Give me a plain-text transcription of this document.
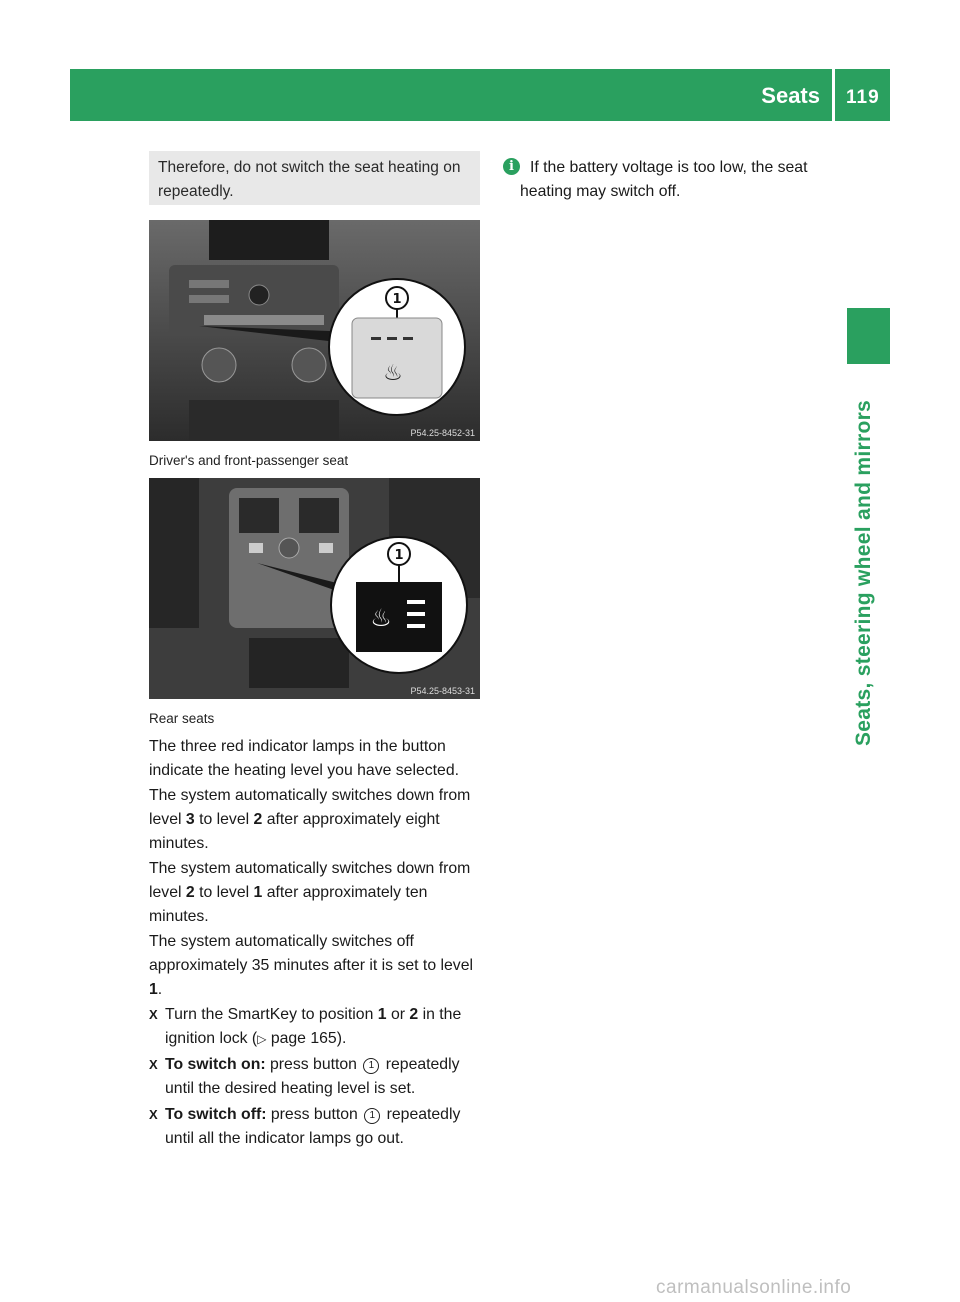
Seats 119
Seats, steering wheel and mirrors
Therefore, do not switch the seat heating on repeatedly.
1
♨
P54.25-8452-31
Driver's and front-passenger seat
1
♨
P54.25-8453-31
Rear seats

The three red indicator lamps in the button indicate the heating level you have selected.

The system automatically switches down from level 3 to level 2 after approximately eight minutes.

The system automatically switches down from level 2 to level 1 after approximately ten minutes.

The system automatically switches off approximately 35 minutes after it is set to level 1.

X Turn the SmartKey to position 1 or 2 in the ignition lock (▷ page 165).

X To switch on: press button 1 repeatedly until the desired heating level is set.

X To switch off: press button 1 repeatedly until all the indicator lamps go out.

i	If the battery voltage is too low, the seat heating may switch off.
carmanualsonline.info
